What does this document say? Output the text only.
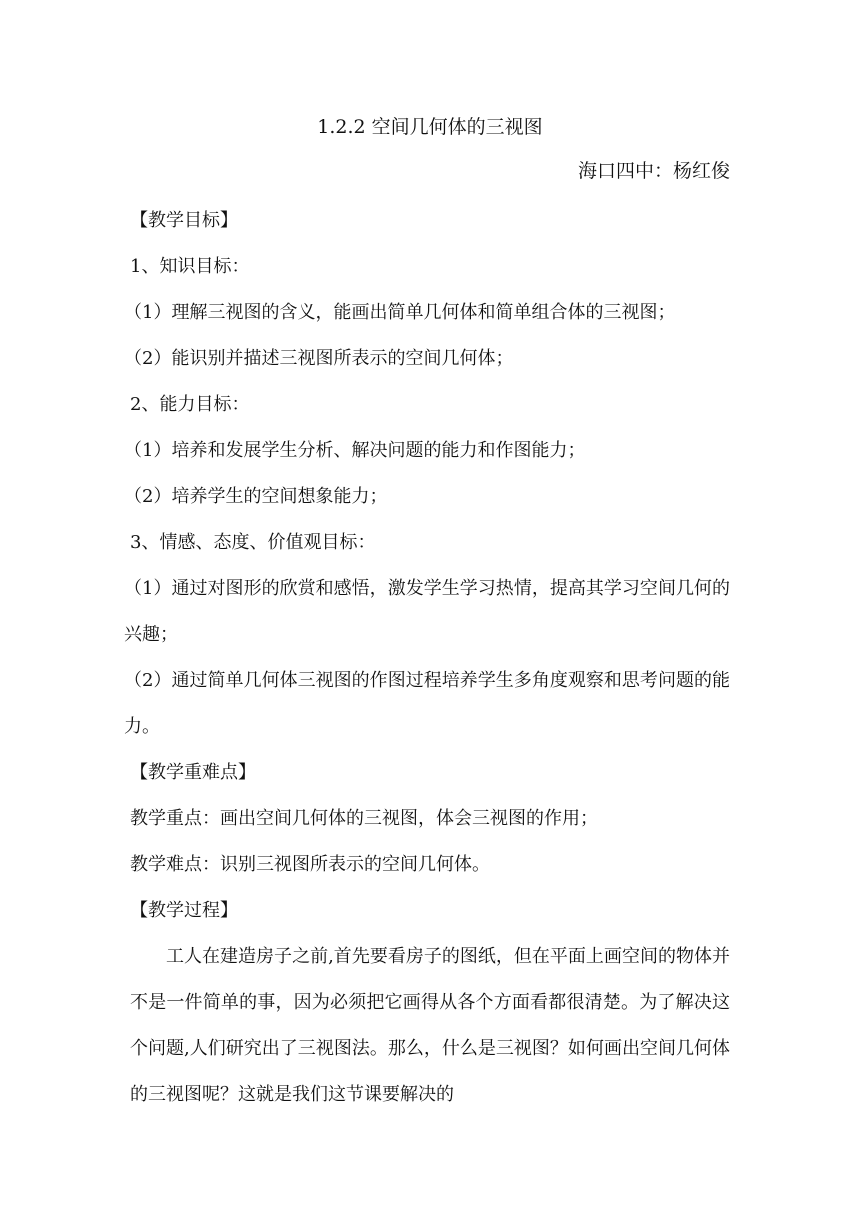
1.2.2 空间几何体的三视图
海口四中：杨红俊

【教学目标】

1、知识目标：

（1）理解三视图的含义，能画出简单几何体和简单组合体的三视图；

（2）能识别并描述三视图所表示的空间几何体；

2、能力目标：

（1）培养和发展学生分析、解决问题的能力和作图能力；

（2）培养学生的空间想象能力；

3、情感、态度、价值观目标：

（1）通过对图形的欣赏和感悟，激发学生学习热情，提高其学习空间几何的兴趣；

（2）通过简单几何体三视图的作图过程培养学生多角度观察和思考问题的能力。

【教学重难点】

教学重点：画出空间几何体的三视图，体会三视图的作用；

教学难点：识别三视图所表示的空间几何体。

【教学过程】

工人在建造房子之前,首先要看房子的图纸，但在平面上画空间的物体并不是一件简单的事，因为必须把它画得从各个方面看都很清楚。为了解决这个问题,人们研究出了三视图法。那么，什么是三视图？如何画出空间几何体的三视图呢？这就是我们这节课要解决的
